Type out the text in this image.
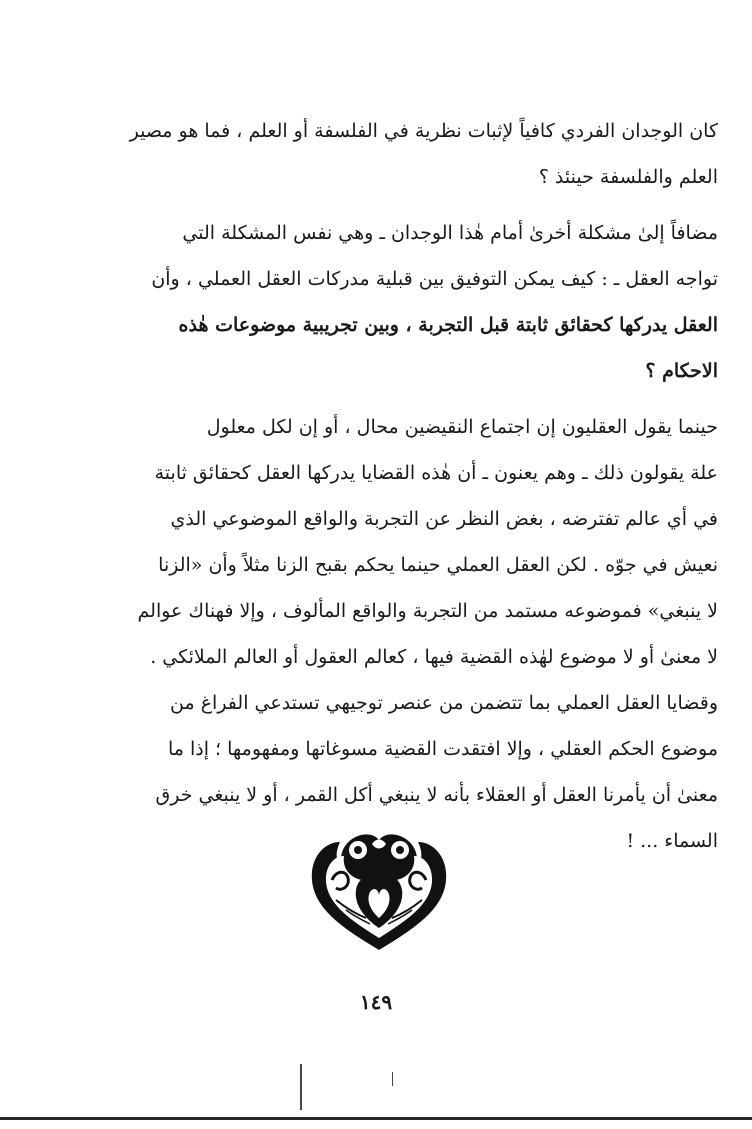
كان الوجدان الفردي كافياً لإثبات نظرية في الفلسفة أو العلم ، فما هو مصير
العلم والفلسفة حينئذ ؟
مضافاً إلىٰ مشكلة أخرىٰ أمام هٰذا الوجدان ـ وهي نفس المشكلة التي
تواجه العقل ـ : كيف يمكن التوفيق بين قبلية مدركات العقل العملي ، وأن
العقل يدركها كحقائق ثابتة قبل التجربة ، وبين تجريبية موضوعات هٰذه
الاحكام ؟
حينما يقول العقليون إن اجتماع النقيضين محال ، أو إن لكل معلول
علة يقولون ذلك ـ وهم يعنون ـ أن هٰذه القضايا يدركها العقل كحقائق ثابتة
في أي عالم تفترضه ، بغض النظر عن التجربة والواقع الموضوعي الذي
نعيش في جوّه . لكن العقل العملي حينما يحكم بقبح الزنا مثلاً وأن «الزنا
لا ينبغي» فموضوعه مستمد من التجربة والواقع المألوف ، وإلا فهناك عوالم
لا معنىٰ أو لا موضوع لهٰذه القضية فيها ، كعالم العقول أو العالم الملائكي .
وقضايا العقل العملي بما تتضمن من عنصر توجيهي تستدعي الفراغ من
موضوع الحكم العقلي ، وإلا افتقدت القضية مسوغاتها ومفهومها ؛ إذا ما
معنىٰ أن يأمرنا العقل أو العقلاء بأنه لا ينبغي أكل القمر ، أو لا ينبغي خرق
السماء ... !
١٤٩
